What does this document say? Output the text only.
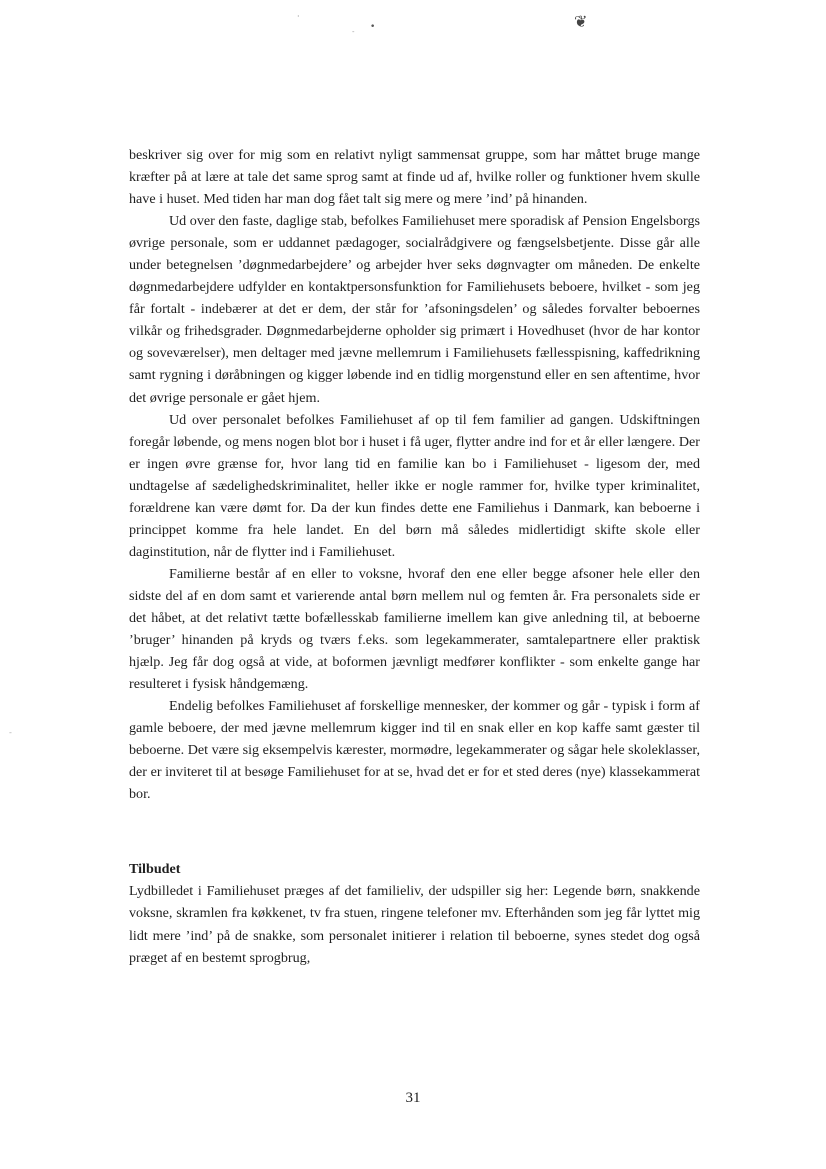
·
- •	❦
-

beskriver sig over for mig som en relativt nyligt sammensat gruppe, som har måttet bruge mange kræfter på at lære at tale det same sprog samt at finde ud af, hvilke roller og funktioner hvem skulle have i huset. Med tiden har man dog fået talt sig mere og mere ’ind’ på hinanden.

Ud over den faste, daglige stab, befolkes Familiehuset mere sporadisk af Pension Engelsborgs øvrige personale, som er uddannet pædagoger, socialrådgivere og fængselsbetjente. Disse går alle under betegnelsen ’døgnmedarbejdere’ og arbejder hver seks døgnvagter om måneden. De enkelte døgnmedarbejdere udfylder en kontaktpersonsfunktion for Familiehusets beboere, hvilket - som jeg får fortalt - indebærer at det er dem, der står for ’afsoningsdelen’ og således forvalter beboernes vilkår og frihedsgrader. Døgnmedarbejderne opholder sig primært i Hovedhuset (hvor de har kontor og soveværelser), men deltager med jævne mellemrum i Familiehusets fællesspisning, kaffedrikning samt rygning i døråbningen og kigger løbende ind en tidlig morgenstund eller en sen aftentime, hvor det øvrige personale er gået hjem.

Ud over personalet befolkes Familiehuset af op til fem familier ad gangen. Udskiftningen foregår løbende, og mens nogen blot bor i huset i få uger, flytter andre ind for et år eller længere. Der er ingen øvre grænse for, hvor lang tid en familie kan bo i Familiehuset - ligesom der, med undtagelse af sædelighedskriminalitet, heller ikke er nogle rammer for, hvilke typer kriminalitet, forældrene kan være dømt for. Da der kun findes dette ene Familiehus i Danmark, kan beboerne i princippet komme fra hele landet. En del børn må således midlertidigt skifte skole eller daginstitution, når de flytter ind i Familiehuset.

Familierne består af en eller to voksne, hvoraf den ene eller begge afsoner hele eller den sidste del af en dom samt et varierende antal børn mellem nul og femten år. Fra personalets side er det håbet, at det relativt tætte bofællesskab familierne imellem kan give anledning til, at beboerne ’bruger’ hinanden på kryds og tværs f.eks. som legekammerater, samtalepartnere eller praktisk hjælp. Jeg får dog også at vide, at boformen jævnligt medfører konflikter - som enkelte gange har resulteret i fysisk håndgemæng.

Endelig befolkes Familiehuset af forskellige mennesker, der kommer og går - typisk i form af gamle beboere, der med jævne mellemrum kigger ind til en snak eller en kop kaffe samt gæster til beboerne. Det være sig eksempelvis kærester, mormødre, legekammerater og sågar hele skoleklasser, der er inviteret til at besøge Familiehuset for at se, hvad det er for et sted deres (nye) klassekammerat bor.

Tilbudet

Lydbilledet i Familiehuset præges af det familieliv, der udspiller sig her: Legende børn, snakkende voksne, skramlen fra køkkenet, tv fra stuen, ringene telefoner mv. Efterhånden som jeg får lyttet mig lidt mere ’ind’ på de snakke, som personalet initierer i relation til beboerne, synes stedet dog også præget af en bestemt sprogbrug,

31
